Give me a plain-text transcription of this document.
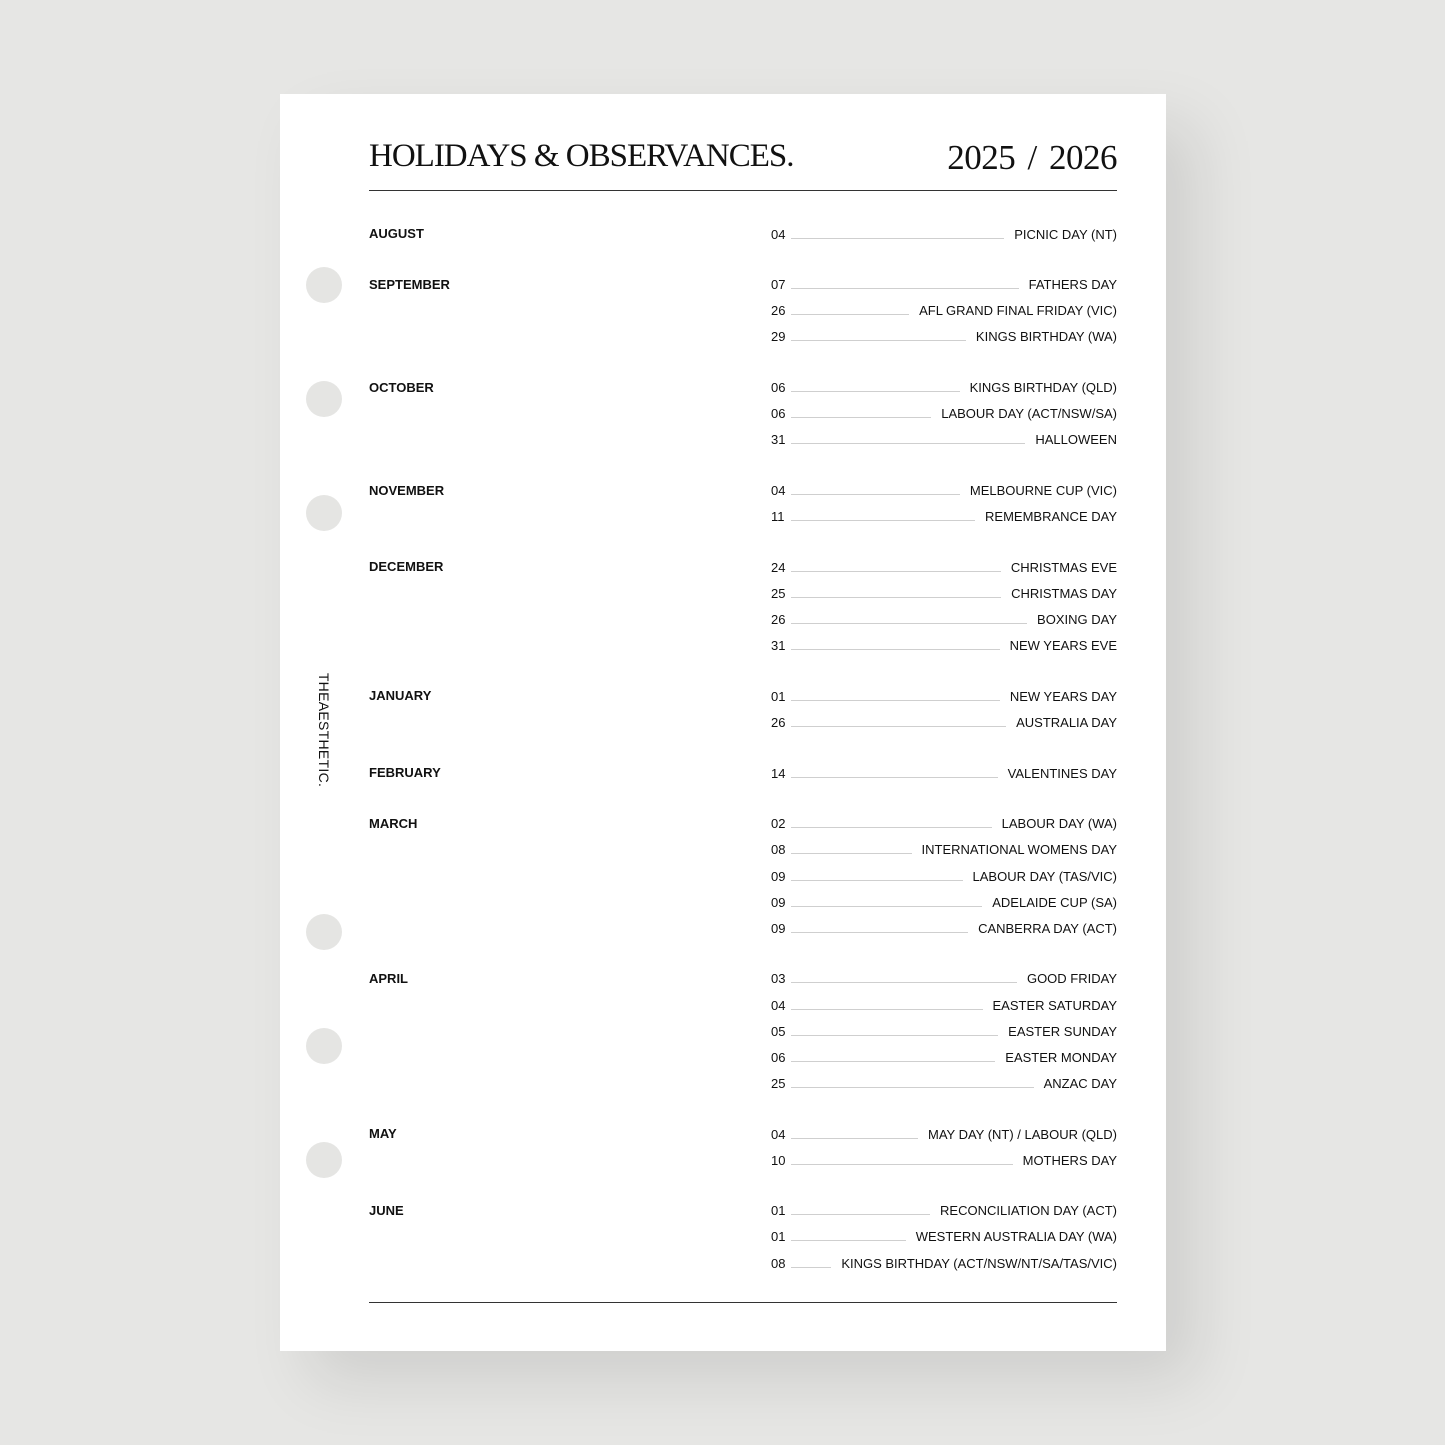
THEAESTHETIC.
HOLIDAYS & OBSERVANCES.	2025 / 2026
AUGUST	04	PICNIC DAY (NT)
SEPTEMBER	07	FATHERS DAY
26	AFL GRAND FINAL FRIDAY (VIC)
29	KINGS BIRTHDAY (WA)
OCTOBER	06	KINGS BIRTHDAY (QLD)
06	LABOUR DAY (ACT/NSW/SA)
31	HALLOWEEN
NOVEMBER	04	MELBOURNE CUP (VIC)
11	REMEMBRANCE DAY
DECEMBER	24	CHRISTMAS EVE
25	CHRISTMAS DAY
26	BOXING DAY
31	NEW YEARS EVE
JANUARY	01	NEW YEARS DAY
26	AUSTRALIA DAY
FEBRUARY	14	VALENTINES DAY
MARCH	02	LABOUR DAY (WA)
08	INTERNATIONAL WOMENS DAY
09	LABOUR DAY (TAS/VIC)
09	ADELAIDE CUP (SA)
09	CANBERRA DAY (ACT)
APRIL	03	GOOD FRIDAY
04	EASTER SATURDAY
05	EASTER SUNDAY
06	EASTER MONDAY
25	ANZAC DAY
MAY	04	MAY DAY (NT) / LABOUR (QLD)
10	MOTHERS DAY
JUNE	01	RECONCILIATION DAY (ACT)
01	WESTERN AUSTRALIA DAY (WA)
08	KINGS BIRTHDAY (ACT/NSW/NT/SA/TAS/VIC)
